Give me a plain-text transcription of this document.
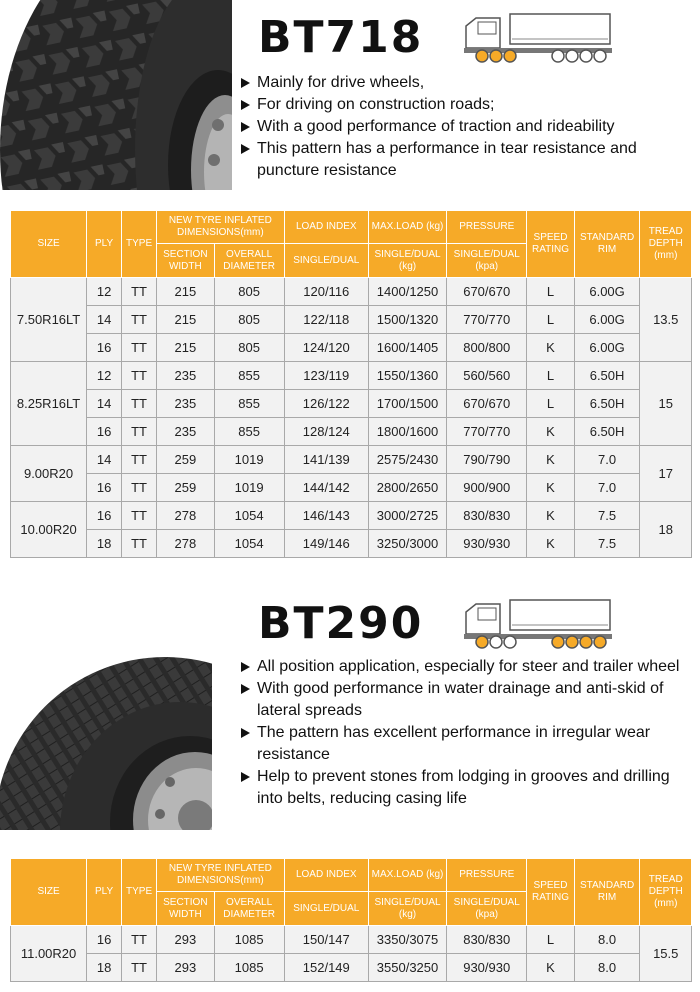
BT718
Mainly for drive wheels,
For driving on construction roads;
With a good performance of traction and rideability
This pattern has a performance in tear resistance and puncture resistance
SIZE	PLY	TYPE	NEW TYRE INFLATED DIMENSIONS(mm)		LOAD INDEX	MAX.LOAD (kg)	PRESSURE	SPEED RATING	STANDARD RIM	TREAD DEPTH (mm)
			SECTION WIDTH	OVERALL DIAMETER	SINGLE/DUAL	SINGLE/DUAL (kg)	SINGLE/DUAL (kpa)			
7.50R16LT	12	TT	215	805	120/116	1400/1250	670/670	L	6.00G	13.5
	14	TT	215	805	122/118	1500/1320	770/770	L	6.00G	
	16	TT	215	805	124/120	1600/1405	800/800	K	6.00G	
8.25R16LT	12	TT	235	855	123/119	1550/1360	560/560	L	6.50H	15
	14	TT	235	855	126/122	1700/1500	670/670	L	6.50H	
	16	TT	235	855	128/124	1800/1600	770/770	K	6.50H	
9.00R20	14	TT	259	1019	141/139	2575/2430	790/790	K	7.0	17
	16	TT	259	1019	144/142	2800/2650	900/900	K	7.0	
10.00R20	16	TT	278	1054	146/143	3000/2725	830/830	K	7.5	18
	18	TT	278	1054	149/146	3250/3000	930/930	K	7.5	
BT290
All position application, especially for steer and trailer wheel
With good performance in water drainage and anti-skid of lateral spreads
The pattern has excellent performance in irregular wear resistance
Help to prevent stones from lodging in grooves and drilling into belts, reducing casing life
SIZE	PLY	TYPE	NEW TYRE INFLATED DIMENSIONS(mm)		LOAD INDEX	MAX.LOAD (kg)	PRESSURE	SPEED RATING	STANDARD RIM	TREAD DEPTH (mm)
			SECTION WIDTH	OVERALL DIAMETER	SINGLE/DUAL	SINGLE/DUAL (kg)	SINGLE/DUAL (kpa)			
11.00R20	16	TT	293	1085	150/147	3350/3075	830/830	L	8.0	15.5
	18	TT	293	1085	152/149	3550/3250	930/930	K	8.0	
